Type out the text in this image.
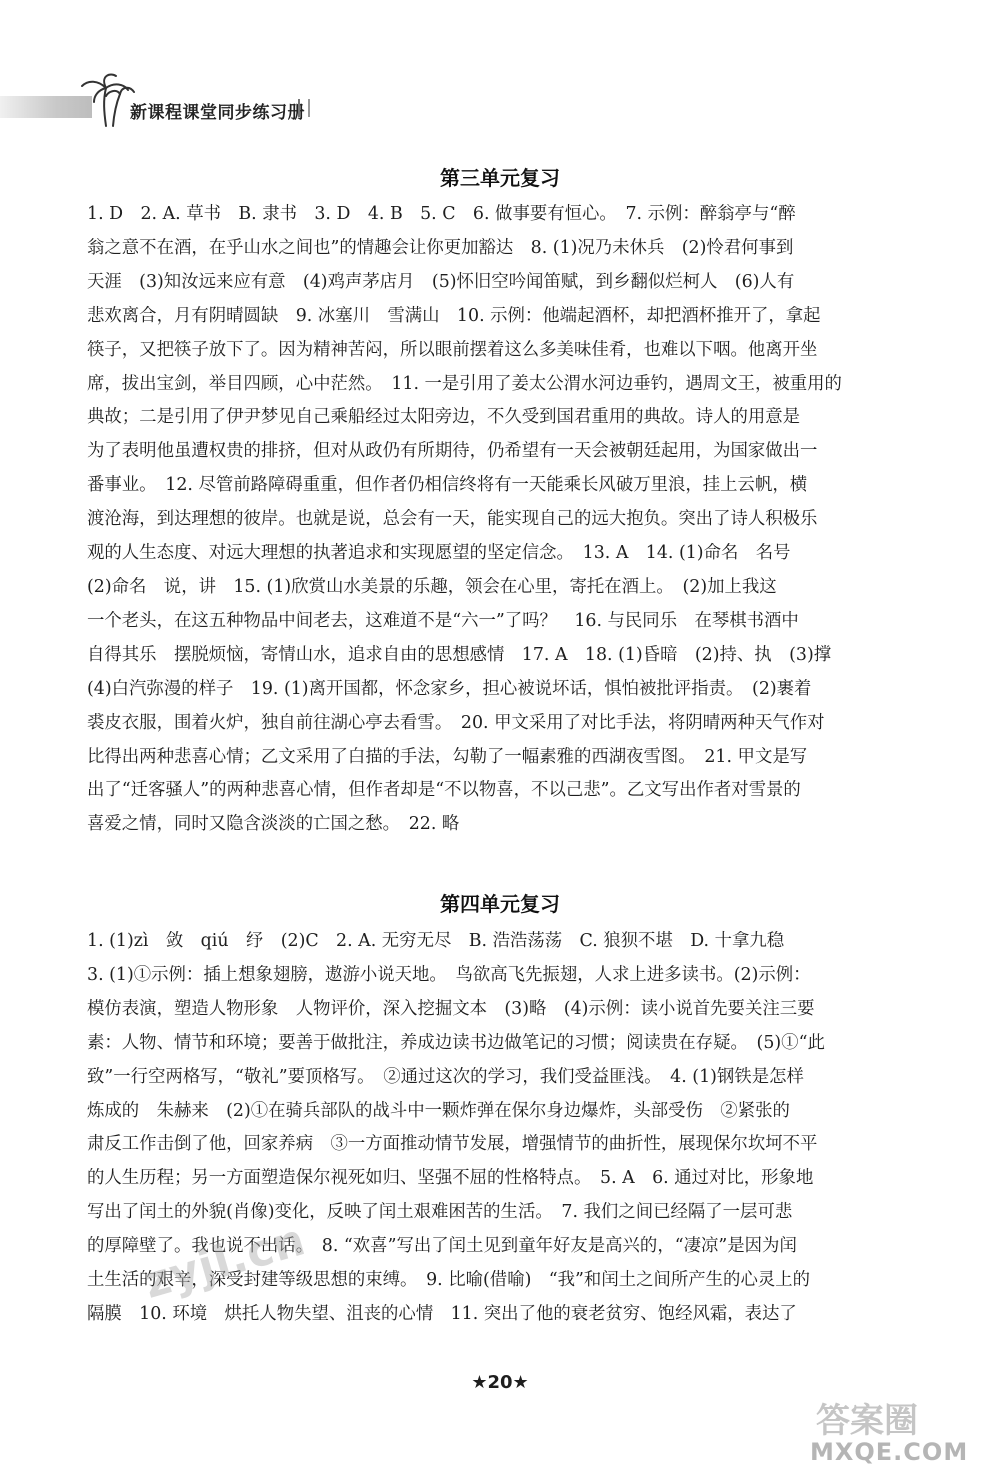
新课程课堂同步练习册
第三单元复习
1. D　2. A. 草书　B. 隶书　3. D　4. B　5. C　6. 做事要有恒心。　7. 示例：醉翁亭与“醉
翁之意不在酒，在乎山水之间也”的情趣会让你更加豁达　8. (1)况乃未休兵　(2)怜君何事到
天涯　(3)知汝远来应有意　(4)鸡声茅店月　(5)怀旧空吟闻笛赋，到乡翻似烂柯人　(6)人有
悲欢离合，月有阴晴圆缺　9. 冰塞川　雪满山　10. 示例：他端起酒杯，却把酒杯推开了，拿起
筷子，又把筷子放下了。因为精神苦闷，所以眼前摆着这么多美味佳肴，也难以下咽。他离开坐
席，拔出宝剑，举目四顾，心中茫然。　11. 一是引用了姜太公渭水河边垂钓，遇周文王，被重用的
典故；二是引用了伊尹梦见自己乘船经过太阳旁边，不久受到国君重用的典故。诗人的用意是
为了表明他虽遭权贵的排挤，但对从政仍有所期待，仍希望有一天会被朝廷起用，为国家做出一
番事业。　12. 尽管前路障碍重重，但作者仍相信终将有一天能乘长风破万里浪，挂上云帆，横
渡沧海，到达理想的彼岸。也就是说，总会有一天，能实现自己的远大抱负。突出了诗人积极乐
观的人生态度、对远大理想的执著追求和实现愿望的坚定信念。　13. A　14. (1)命名　名号
(2)命名　说，讲　15. (1)欣赏山水美景的乐趣，领会在心里，寄托在酒上。　(2)加上我这
一个老头，在这五种物品中间老去，这难道不是“六一”了吗？　16. 与民同乐　在琴棋书酒中
自得其乐　摆脱烦恼，寄情山水，追求自由的思想感情　17. A　18. (1)昏暗　(2)持、执　(3)撑
(4)白汽弥漫的样子　19. (1)离开国都，怀念家乡，担心被说坏话，惧怕被批评指责。　(2)裹着
裘皮衣服，围着火炉，独自前往湖心亭去看雪。　20. 甲文采用了对比手法，将阴晴两种天气作对
比得出两种悲喜心情；乙文采用了白描的手法，勾勒了一幅素雅的西湖夜雪图。　21. 甲文是写
出了“迁客骚人”的两种悲喜心情，但作者却是“不以物喜，不以己悲”。乙文写出作者对雪景的
喜爱之情，同时又隐含淡淡的亡国之愁。　22. 略
第四单元复习
1. (1)zì　敛　qiú　纾　(2)C　2. A. 无穷无尽　B. 浩浩荡荡　C. 狼狈不堪　D. 十拿九稳
3. (1)①示例：插上想象翅膀，遨游小说天地。　鸟欲高飞先振翅，人求上进多读书。(2)示例：
模仿表演，塑造人物形象　人物评价，深入挖掘文本　(3)略　(4)示例：读小说首先要关注三要
素：人物、情节和环境；要善于做批注，养成边读书边做笔记的习惯；阅读贵在存疑。　(5)①“此
致”一行空两格写，“敬礼”要顶格写。　②通过这次的学习，我们受益匪浅。　4. (1)钢铁是怎样
炼成的　朱赫来　(2)①在骑兵部队的战斗中一颗炸弹在保尔身边爆炸，头部受伤　②紧张的
肃反工作击倒了他，回家养病　③一方面推动情节发展，增强情节的曲折性，展现保尔坎坷不平
的人生历程；另一方面塑造保尔视死如归、坚强不屈的性格特点。　5. A　6. 通过对比，形象地
写出了闰土的外貌(肖像)变化，反映了闰土艰难困苦的生活。　7. 我们之间已经隔了一层可悲
的厚障壁了。我也说不出话。　8. “欢喜”写出了闰土见到童年好友是高兴的，“凄凉”是因为闰
土生活的艰辛，深受封建等级思想的束缚。　9. 比喻(借喻)　“我”和闰土之间所产生的心灵上的
隔膜　10. 环境　烘托人物失望、沮丧的心情　11. 突出了他的衰老贫穷、饱经风霜，表达了
★20★
zyjl.cn
答案圈
MXQE.COM
